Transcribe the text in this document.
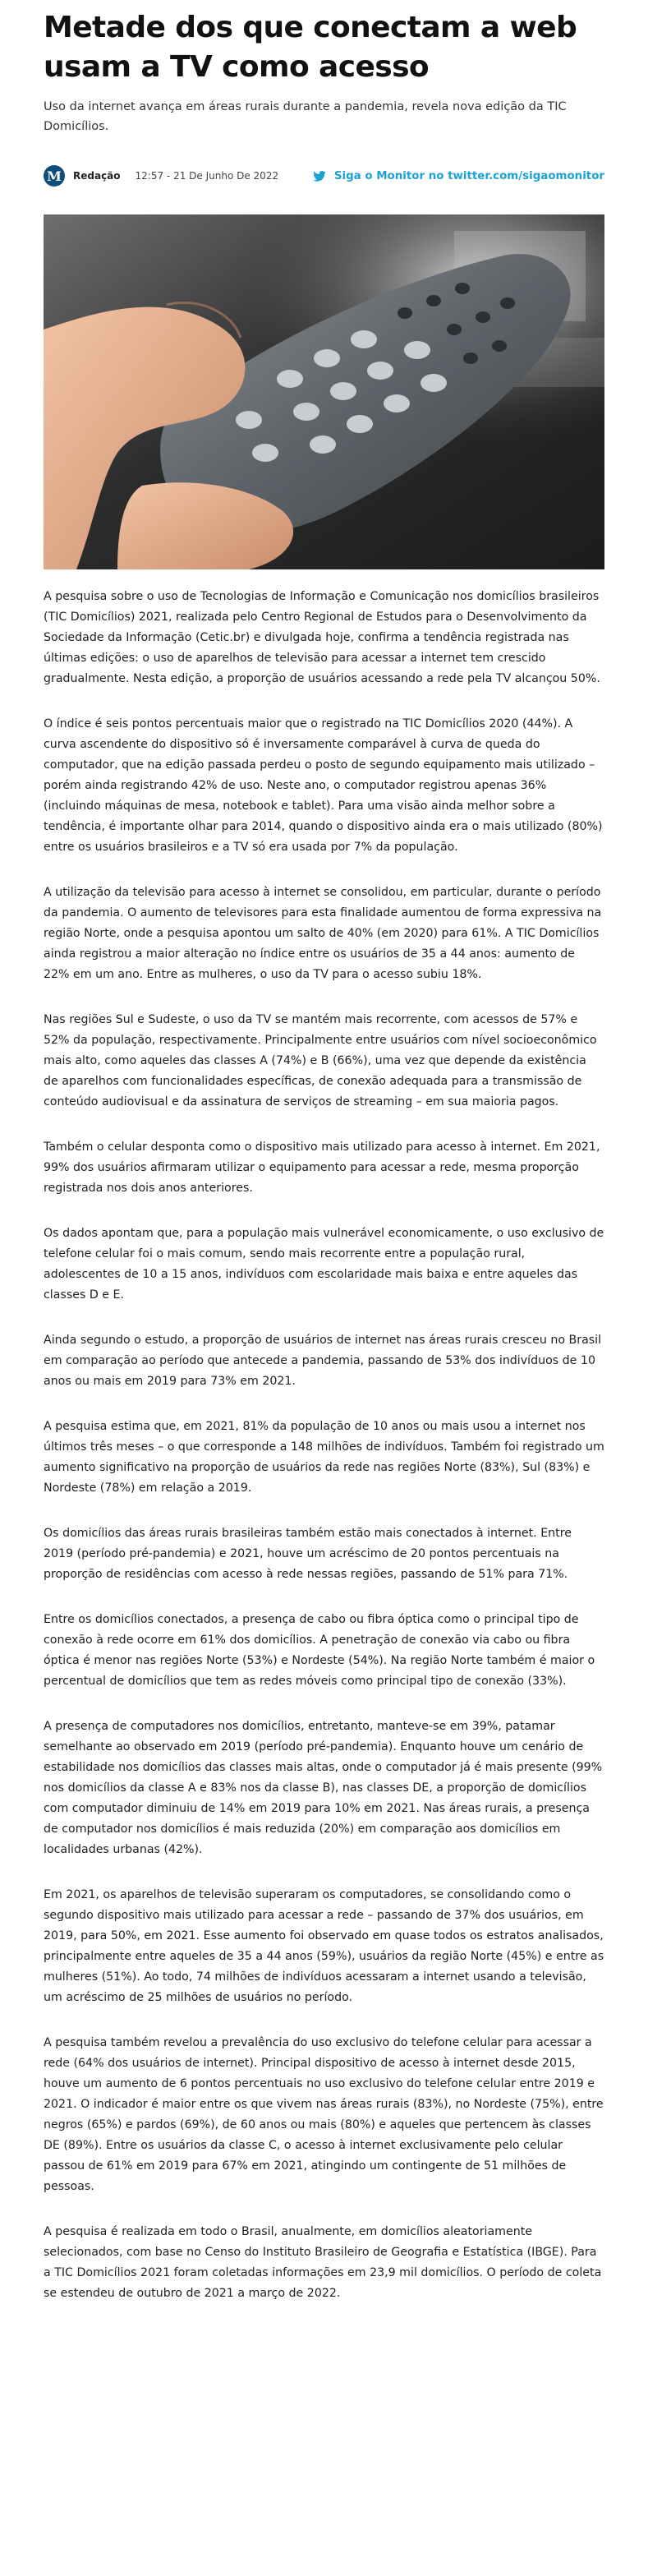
Metade dos que conectam a web usam a TV como acesso

Uso da internet avança em áreas rurais durante a pandemia, revela nova edição da TIC Domicílios.

M Redação 12:57 - 21 De Junho De 2022	Siga o Monitor no twitter.com/sigaomonitor

A pesquisa sobre o uso de Tecnologias de Informação e Comunicação nos domicílios brasileiros (TIC Domicílios) 2021, realizada pelo Centro Regional de Estudos para o Desenvolvimento da Sociedade da Informação (Cetic.br) e divulgada hoje, confirma a tendência registrada nas últimas edições: o uso de aparelhos de televisão para acessar a internet tem crescido gradualmente. Nesta edição, a proporção de usuários acessando a rede pela TV alcançou 50%.

O índice é seis pontos percentuais maior que o registrado na TIC Domicílios 2020 (44%). A curva ascendente do dispositivo só é inversamente comparável à curva de queda do computador, que na edição passada perdeu o posto de segundo equipamento mais utilizado – porém ainda registrando 42% de uso. Neste ano, o computador registrou apenas 36% (incluindo máquinas de mesa, notebook e tablet). Para uma visão ainda melhor sobre a tendência, é importante olhar para 2014, quando o dispositivo ainda era o mais utilizado (80%) entre os usuários brasileiros e a TV só era usada por 7% da população.

A utilização da televisão para acesso à internet se consolidou, em particular, durante o período da pandemia. O aumento de televisores para esta finalidade aumentou de forma expressiva na região Norte, onde a pesquisa apontou um salto de 40% (em 2020) para 61%. A TIC Domicílios ainda registrou a maior alteração no índice entre os usuários de 35 a 44 anos: aumento de 22% em um ano. Entre as mulheres, o uso da TV para o acesso subiu 18%.

Nas regiões Sul e Sudeste, o uso da TV se mantém mais recorrente, com acessos de 57% e 52% da população, respectivamente. Principalmente entre usuários com nível socioeconômico mais alto, como aqueles das classes A (74%) e B (66%), uma vez que depende da existência de aparelhos com funcionalidades específicas, de conexão adequada para a transmissão de conteúdo audiovisual e da assinatura de serviços de streaming – em sua maioria pagos.

Também o celular desponta como o dispositivo mais utilizado para acesso à internet. Em 2021, 99% dos usuários afirmaram utilizar o equipamento para acessar a rede, mesma proporção registrada nos dois anos anteriores.

Os dados apontam que, para a população mais vulnerável economicamente, o uso exclusivo de telefone celular foi o mais comum, sendo mais recorrente entre a população rural, adolescentes de 10 a 15 anos, indivíduos com escolaridade mais baixa e entre aqueles das classes D e E.

Ainda segundo o estudo, a proporção de usuários de internet nas áreas rurais cresceu no Brasil em comparação ao período que antecede a pandemia, passando de 53% dos indivíduos de 10 anos ou mais em 2019 para 73% em 2021.

A pesquisa estima que, em 2021, 81% da população de 10 anos ou mais usou a internet nos últimos três meses – o que corresponde a 148 milhões de indivíduos. Também foi registrado um aumento significativo na proporção de usuários da rede nas regiões Norte (83%), Sul (83%) e Nordeste (78%) em relação a 2019.

Os domicílios das áreas rurais brasileiras também estão mais conectados à internet. Entre 2019 (período pré-pandemia) e 2021, houve um acréscimo de 20 pontos percentuais na proporção de residências com acesso à rede nessas regiões, passando de 51% para 71%.

Entre os domicílios conectados, a presença de cabo ou fibra óptica como o principal tipo de conexão à rede ocorre em 61% dos domicílios. A penetração de conexão via cabo ou fibra óptica é menor nas regiões Norte (53%) e Nordeste (54%). Na região Norte também é maior o percentual de domicílios que tem as redes móveis como principal tipo de conexão (33%).

A presença de computadores nos domicílios, entretanto, manteve-se em 39%, patamar semelhante ao observado em 2019 (período pré-pandemia). Enquanto houve um cenário de estabilidade nos domicílios das classes mais altas, onde o computador já é mais presente (99% nos domicílios da classe A e 83% nos da classe B), nas classes DE, a proporção de domicílios com computador diminuiu de 14% em 2019 para 10% em 2021. Nas áreas rurais, a presença de computador nos domicílios é mais reduzida (20%) em comparação aos domicílios em localidades urbanas (42%).

Em 2021, os aparelhos de televisão superaram os computadores, se consolidando como o segundo dispositivo mais utilizado para acessar a rede – passando de 37% dos usuários, em 2019, para 50%, em 2021. Esse aumento foi observado em quase todos os estratos analisados, principalmente entre aqueles de 35 a 44 anos (59%), usuários da região Norte (45%) e entre as mulheres (51%). Ao todo, 74 milhões de indivíduos acessaram a internet usando a televisão, um acréscimo de 25 milhões de usuários no período.

A pesquisa também revelou a prevalência do uso exclusivo do telefone celular para acessar a rede (64% dos usuários de internet). Principal dispositivo de acesso à internet desde 2015, houve um aumento de 6 pontos percentuais no uso exclusivo do telefone celular entre 2019 e 2021. O indicador é maior entre os que vivem nas áreas rurais (83%), no Nordeste (75%), entre negros (65%) e pardos (69%), de 60 anos ou mais (80%) e aqueles que pertencem às classes DE (89%). Entre os usuários da classe C, o acesso à internet exclusivamente pelo celular passou de 61% em 2019 para 67% em 2021, atingindo um contingente de 51 milhões de pessoas.

A pesquisa é realizada em todo o Brasil, anualmente, em domicílios aleatoriamente selecionados, com base no Censo do Instituto Brasileiro de Geografia e Estatística (IBGE). Para a TIC Domicílios 2021 foram coletadas informações em 23,9 mil domicílios. O período de coleta se estendeu de outubro de 2021 a março de 2022.
